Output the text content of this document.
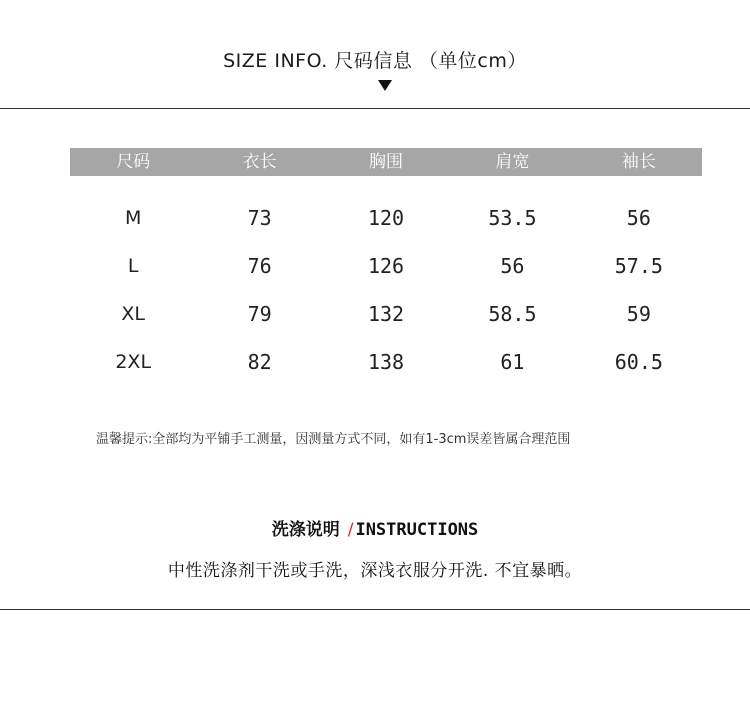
SIZE INFO. 尺码信息 （单位cm）
尺码	衣长	胸围	肩宽	袖长
M	73	120	53.5	56
L	76	126	56	57.5
XL	79	132	58.5	59
2XL	82	138	61	60.5
温馨提示:全部均为平铺手工测量，因测量方式不同，如有1-3cm误差皆属合理范围
洗涤说明 / INSTRUCTIONS
中性洗涤剂干洗或手洗，深浅衣服分开洗. 不宜暴晒。
